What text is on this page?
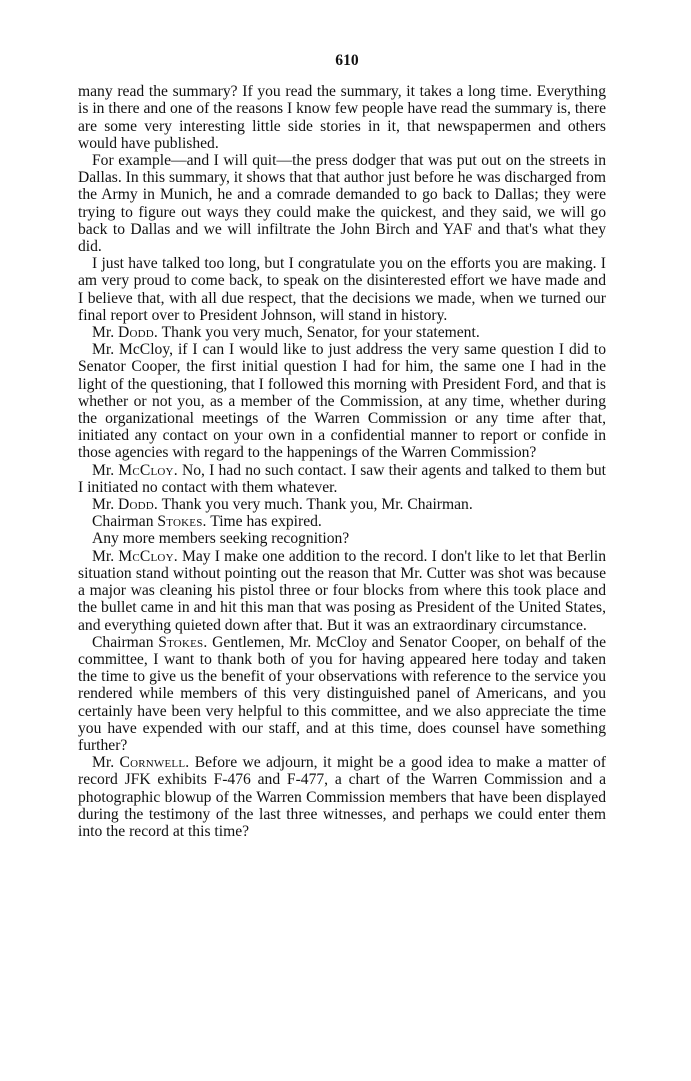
610

many read the summary? If you read the summary, it takes a long time. Everything is in there and one of the reasons I know few people have read the summary is, there are some very interesting little side stories in it, that newspapermen and others would have published.

For example—and I will quit—the press dodger that was put out on the streets in Dallas. In this summary, it shows that that author just before he was discharged from the Army in Munich, he and a comrade demanded to go back to Dallas; they were trying to figure out ways they could make the quickest, and they said, we will go back to Dallas and we will infiltrate the John Birch and YAF and that's what they did.

I just have talked too long, but I congratulate you on the efforts you are making. I am very proud to come back, to speak on the disinterested effort we have made and I believe that, with all due respect, that the decisions we made, when we turned our final report over to President Johnson, will stand in history.

Mr. Dodd. Thank you very much, Senator, for your statement.

Mr. McCloy, if I can I would like to just address the very same question I did to Senator Cooper, the first initial question I had for him, the same one I had in the light of the questioning, that I followed this morning with President Ford, and that is whether or not you, as a member of the Commission, at any time, whether during the organizational meetings of the Warren Commission or any time after that, initiated any contact on your own in a confidential manner to report or confide in those agencies with regard to the happenings of the Warren Commission?

Mr. McCloy. No, I had no such contact. I saw their agents and talked to them but I initiated no contact with them whatever.

Mr. Dodd. Thank you very much. Thank you, Mr. Chairman.

Chairman Stokes. Time has expired.

Any more members seeking recognition?

Mr. McCloy. May I make one addition to the record. I don't like to let that Berlin situation stand without pointing out the reason that Mr. Cutter was shot was because a major was cleaning his pistol three or four blocks from where this took place and the bullet came in and hit this man that was posing as President of the United States, and everything quieted down after that. But it was an extraordinary circumstance.

Chairman Stokes. Gentlemen, Mr. McCloy and Senator Cooper, on behalf of the committee, I want to thank both of you for having appeared here today and taken the time to give us the benefit of your observations with reference to the service you rendered while members of this very distinguished panel of Americans, and you certainly have been very helpful to this committee, and we also appreciate the time you have expended with our staff, and at this time, does counsel have something further?

Mr. Cornwell. Before we adjourn, it might be a good idea to make a matter of record JFK exhibits F-476 and F-477, a chart of the Warren Commission and a photographic blowup of the Warren Commission members that have been displayed during the testimony of the last three witnesses, and perhaps we could enter them into the record at this time?
